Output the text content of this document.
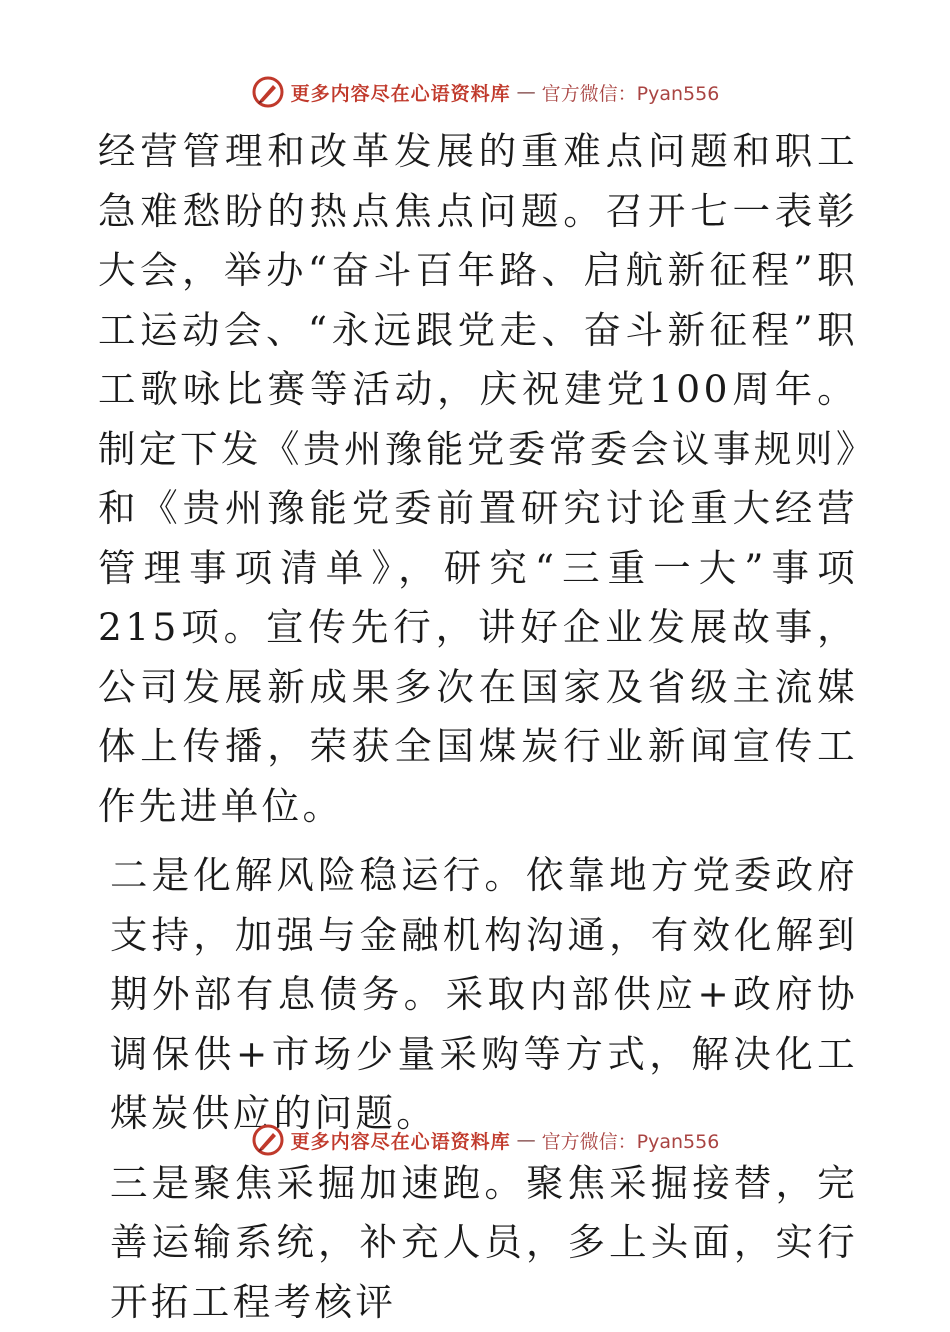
更多内容尽在心语资料库 — 官方微信：Pyan556

经营管理和改革发展的重难点问题和职工急难愁盼的热点焦点问题。召开七一表彰大会，举办“奋斗百年路、启航新征程”职工运动会、“永远跟党走、奋斗新征程”职工歌咏比赛等活动，庆祝建党100周年。制定下发《贵州豫能党委常委会议事规则》和《贵州豫能党委前置研究讨论重大经营管理事项清单》，研究“三重一大”事项215项。宣传先行，讲好企业发展故事，公司发展新成果多次在国家及省级主流媒体上传播，荣获全国煤炭行业新闻宣传工作先进单位。

二是化解风险稳运行。依靠地方党委政府支持，加强与金融机构沟通，有效化解到期外部有息债务。采取内部供应+政府协调保供+市场少量采购等方式，解决化工煤炭供应的问题。

三是聚焦采掘加速跑。聚焦采掘接替，完善运输系统，补充人员，多上头面，实行开拓工程考核评

更多内容尽在心语资料库 — 官方微信：Pyan556
